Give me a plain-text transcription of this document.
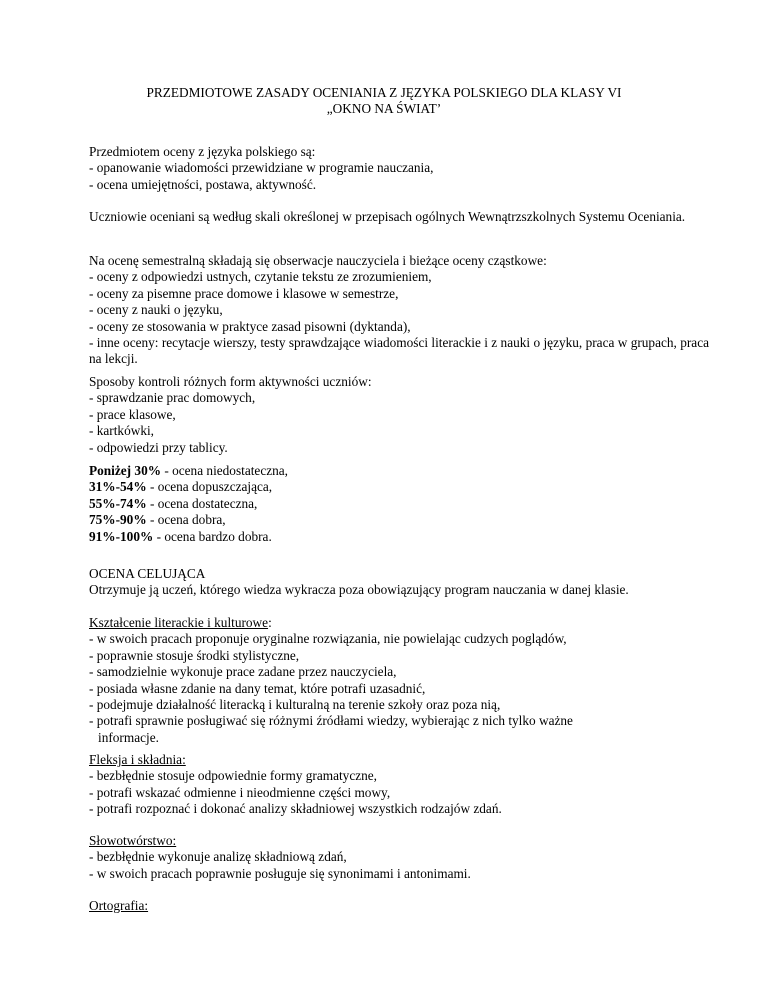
PRZEDMIOTOWE ZASADY OCENIANIA Z JĘZYKA POLSKIEGO DLA KLASY VI
„OKNO NA ŚWIAT’
Przedmiotem oceny z języka polskiego są:
- opanowanie wiadomości przewidziane w programie nauczania,
- ocena umiejętności, postawa, aktywność.
Uczniowie oceniani są według skali określonej w przepisach ogólnych Wewnątrzszkolnych Systemu Oceniania.
Na ocenę semestralną składają się obserwacje nauczyciela i bieżące oceny cząstkowe:
- oceny z odpowiedzi ustnych, czytanie tekstu ze zrozumieniem,
- oceny za pisemne prace domowe i klasowe w semestrze,
- oceny z nauki o języku,
- oceny ze stosowania w praktyce zasad pisowni (dyktanda),
- inne oceny: recytacje wierszy, testy sprawdzające wiadomości literackie i z nauki o języku, praca w grupach, praca na lekcji.
Sposoby kontroli różnych form aktywności uczniów:
- sprawdzanie prac domowych,
- prace klasowe,
- kartkówki,
- odpowiedzi przy tablicy.
Poniżej 30% - ocena niedostateczna,
31%-54% - ocena dopuszczająca,
55%-74% - ocena dostateczna,
75%-90% - ocena dobra,
91%-100% - ocena bardzo dobra.
OCENA CELUJĄCA
Otrzymuje ją uczeń, którego wiedza wykracza poza obowiązujący program nauczania w danej klasie.
Kształcenie literackie i kulturowe:
- w swoich pracach proponuje oryginalne rozwiązania, nie powielając cudzych poglądów,
- poprawnie stosuje środki stylistyczne,
- samodzielnie wykonuje prace zadane przez nauczyciela,
- posiada własne zdanie na dany temat, które potrafi uzasadnić,
- podejmuje działalność literacką i kulturalną na terenie szkoły oraz poza nią,
- potrafi sprawnie posługiwać się różnymi źródłami wiedzy, wybierając z nich tylko ważne
informacje.
Fleksja i składnia:
- bezbłędnie stosuje odpowiednie formy gramatyczne,
- potrafi wskazać odmienne i nieodmienne części mowy,
- potrafi rozpoznać i dokonać analizy składniowej wszystkich rodzajów zdań.
Słowotwórstwo:
- bezbłędnie wykonuje analizę składniową zdań,
- w swoich pracach poprawnie posługuje się synonimami i antonimami.
Ortografia:
